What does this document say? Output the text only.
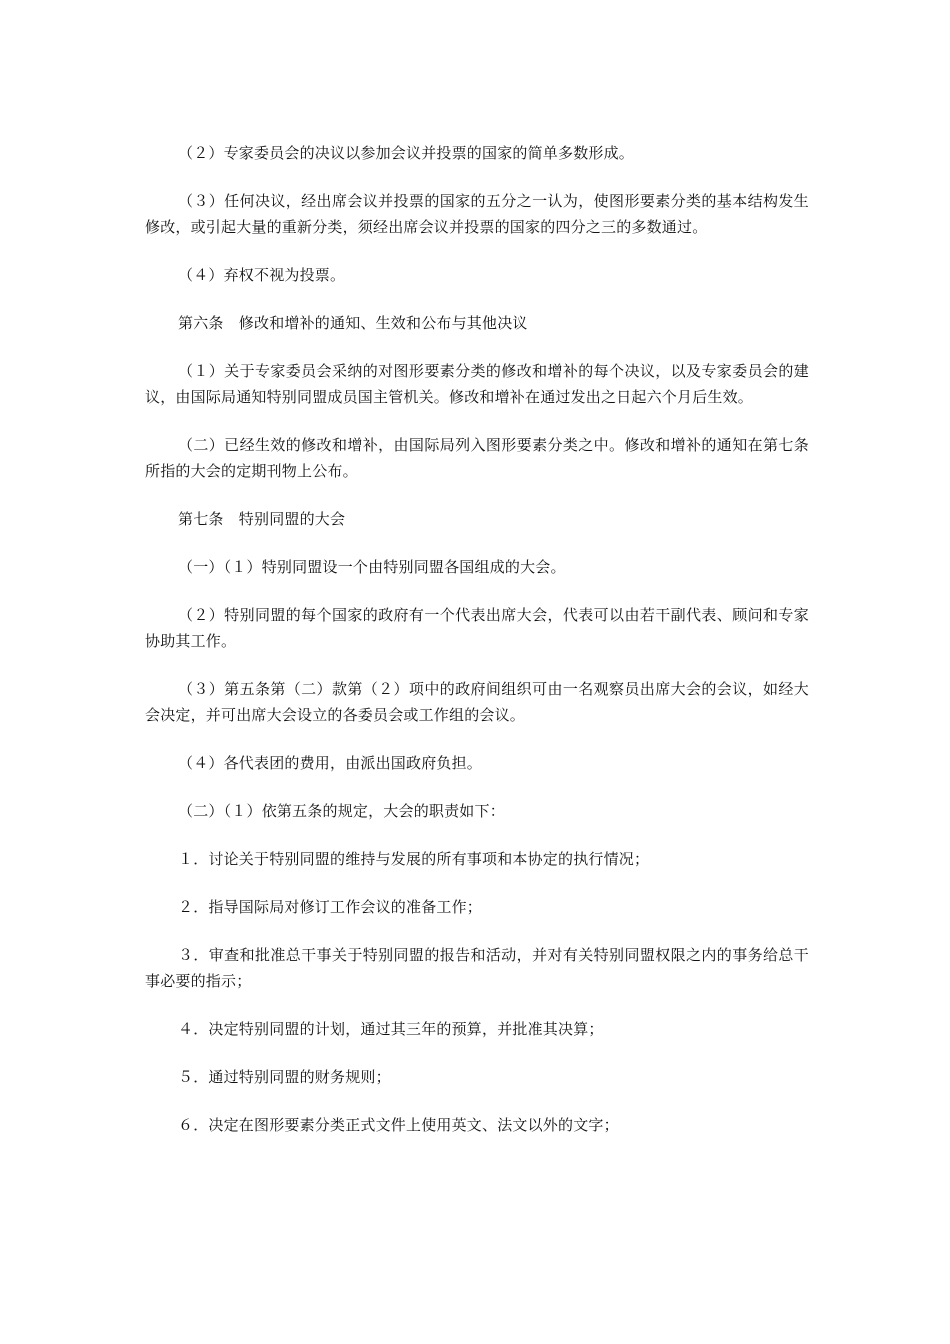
（２）专家委员会的决议以参加会议并投票的国家的简单多数形成。

（３）任何决议，经出席会议并投票的国家的五分之一认为，使图形要素分类的基本结构发生修改，或引起大量的重新分类，须经出席会议并投票的国家的四分之三的多数通过。

（４）弃权不视为投票。

第六条　修改和增补的通知、生效和公布与其他决议

（１）关于专家委员会采纳的对图形要素分类的修改和增补的每个决议，以及专家委员会的建议，由国际局通知特别同盟成员国主管机关。修改和增补在通过发出之日起六个月后生效。

（二）已经生效的修改和增补，由国际局列入图形要素分类之中。修改和增补的通知在第七条所指的大会的定期刊物上公布。

第七条　特别同盟的大会

（一）（１）特别同盟设一个由特别同盟各国组成的大会。

（２）特别同盟的每个国家的政府有一个代表出席大会，代表可以由若干副代表、顾问和专家协助其工作。

（３）第五条第（二）款第（２）项中的政府间组织可由一名观察员出席大会的会议，如经大会决定，并可出席大会设立的各委员会或工作组的会议。

（４）各代表团的费用，由派出国政府负担。

（二）（１）依第五条的规定，大会的职责如下：

１．讨论关于特别同盟的维持与发展的所有事项和本协定的执行情况；

２．指导国际局对修订工作会议的准备工作；

３．审查和批准总干事关于特别同盟的报告和活动，并对有关特别同盟权限之内的事务给总干事必要的指示；

４．决定特别同盟的计划，通过其三年的预算，并批准其决算；

５．通过特别同盟的财务规则；

６．决定在图形要素分类正式文件上使用英文、法文以外的文字；
